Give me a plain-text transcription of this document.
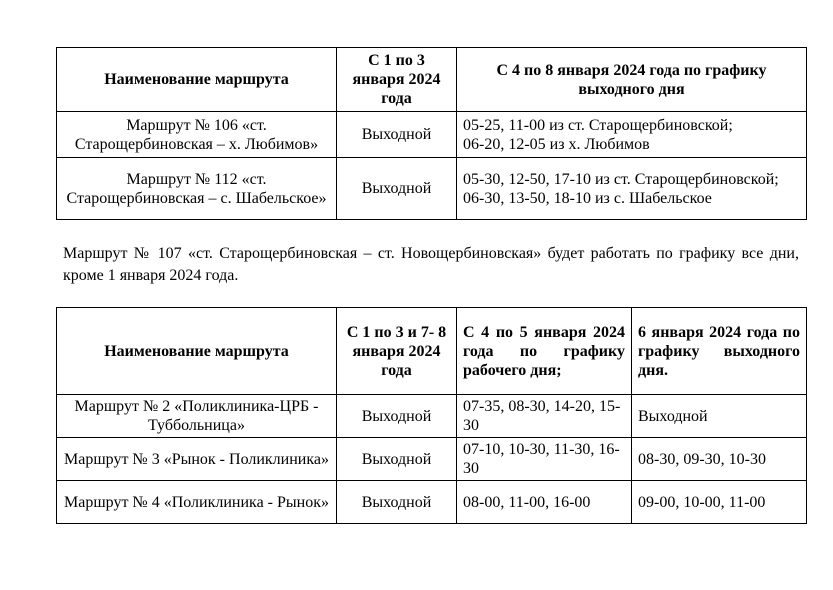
Наименование маршрута	С 1 по 3 января 2024 года	С 4 по 8 января 2024 года по графику выходного дня
Маршрут № 106 «ст. Старощербиновская – х. Любимов»	Выходной	05-25, 11-00 из ст. Старощербиновской;
06-20, 12-05 из х. Любимов

Маршрут № 112 «ст. Старощербиновская – с. Шабельское»	Выходной	05-30, 12-50, 17-10 из ст. Старощербиновской;
06-30, 13-50, 18-10 из с. Шабельское

Маршрут № 107 «ст. Старощербиновская – ст. Новощербиновская» будет работать по графику все дни, кроме 1 января 2024 года.

Наименование маршрута	С 1 по 3 и 7- 8 января 2024 года	С 4 по 5 января 2024 года по графику рабочего дня;	6 января 2024 года по графику выходного дня.
Маршрут № 2 «Поликлиника-ЦРБ - Туббольница»	Выходной	07-35, 08-30, 14-20, 15-30	Выходной
Маршрут № 3 «Рынок - Поликлиника»	Выходной	07-10, 10-30, 11-30, 16-30	08-30, 09-30, 10-30
Маршрут № 4 «Поликлиника - Рынок»	Выходной	08-00, 11-00, 16-00	09-00, 10-00, 11-00
